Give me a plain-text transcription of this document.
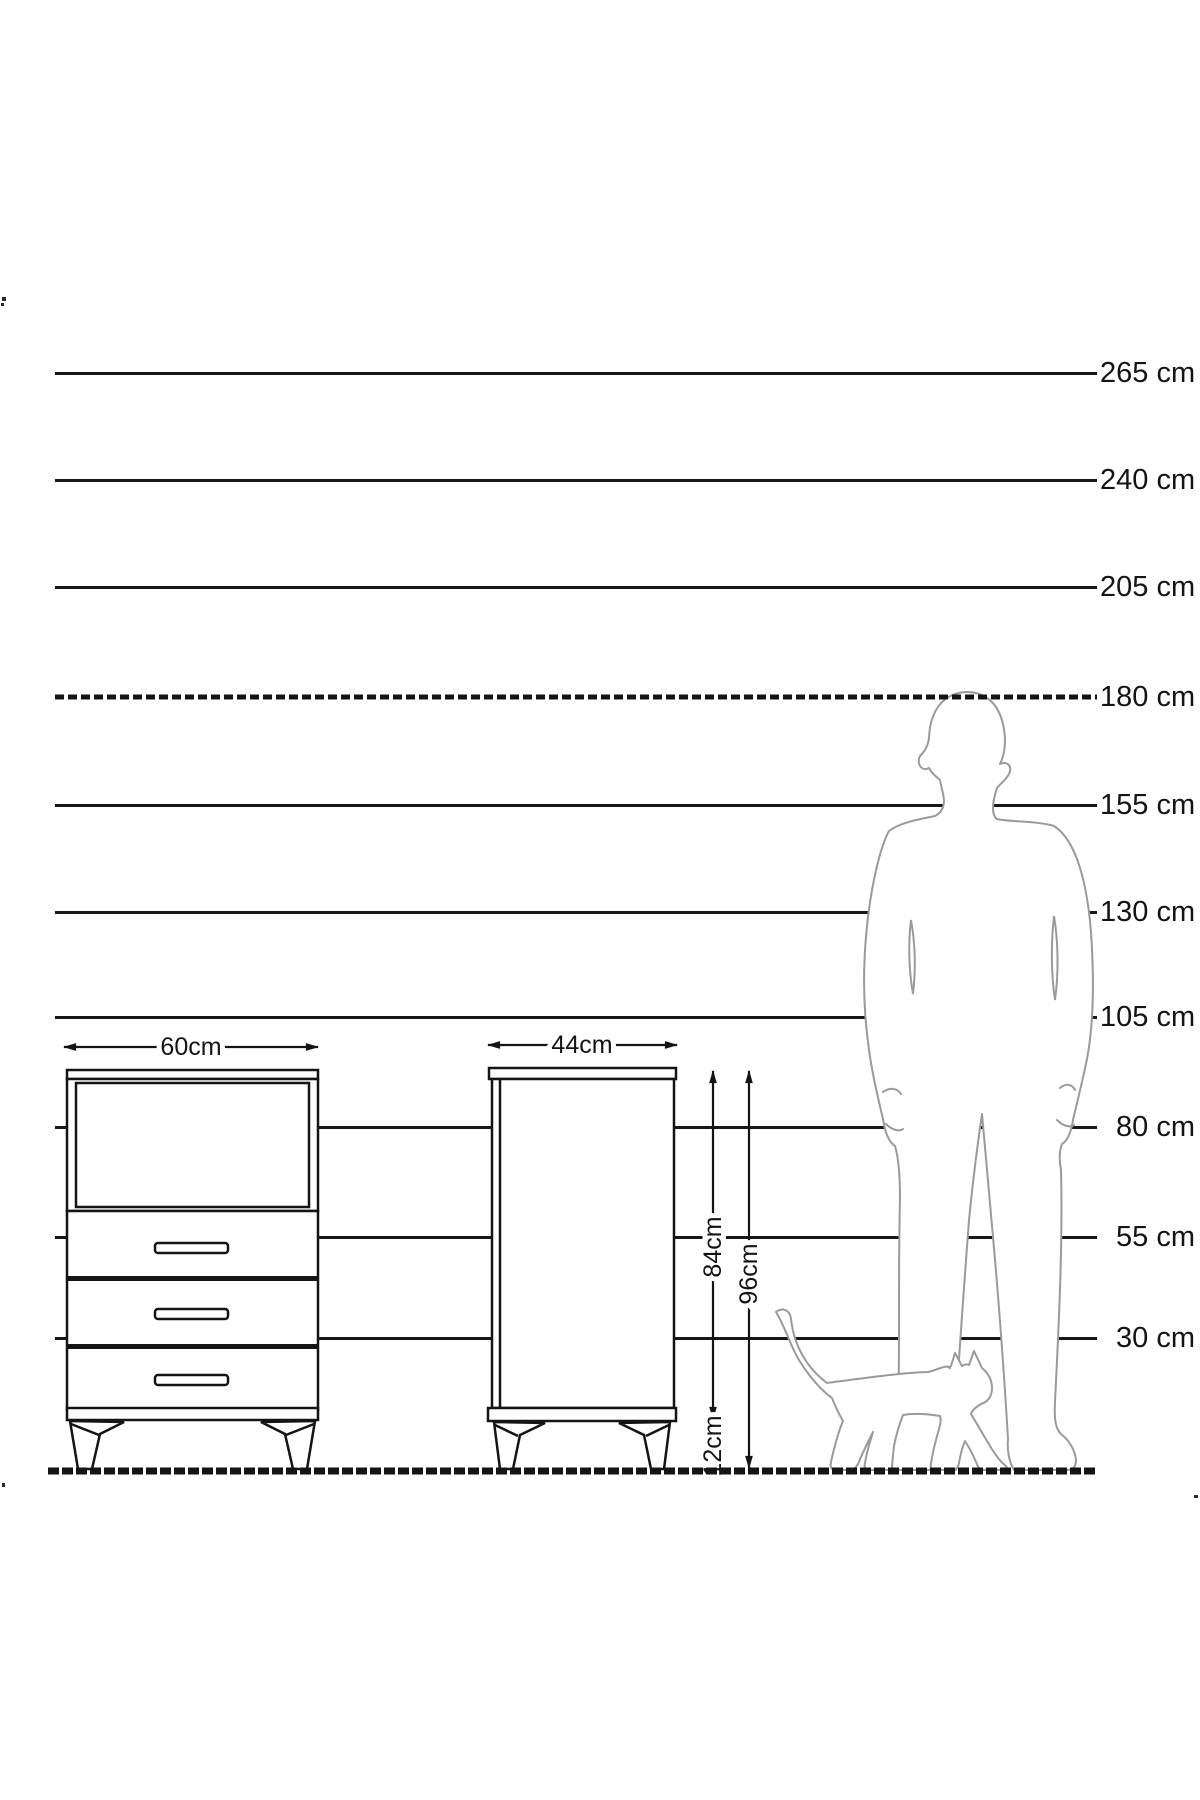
265 cm
240 cm
205 cm
180 cm
155 cm
130 cm
105 cm
80 cm
55 cm
30 cm
60cm	44cm
84cm 96cm
12cm
